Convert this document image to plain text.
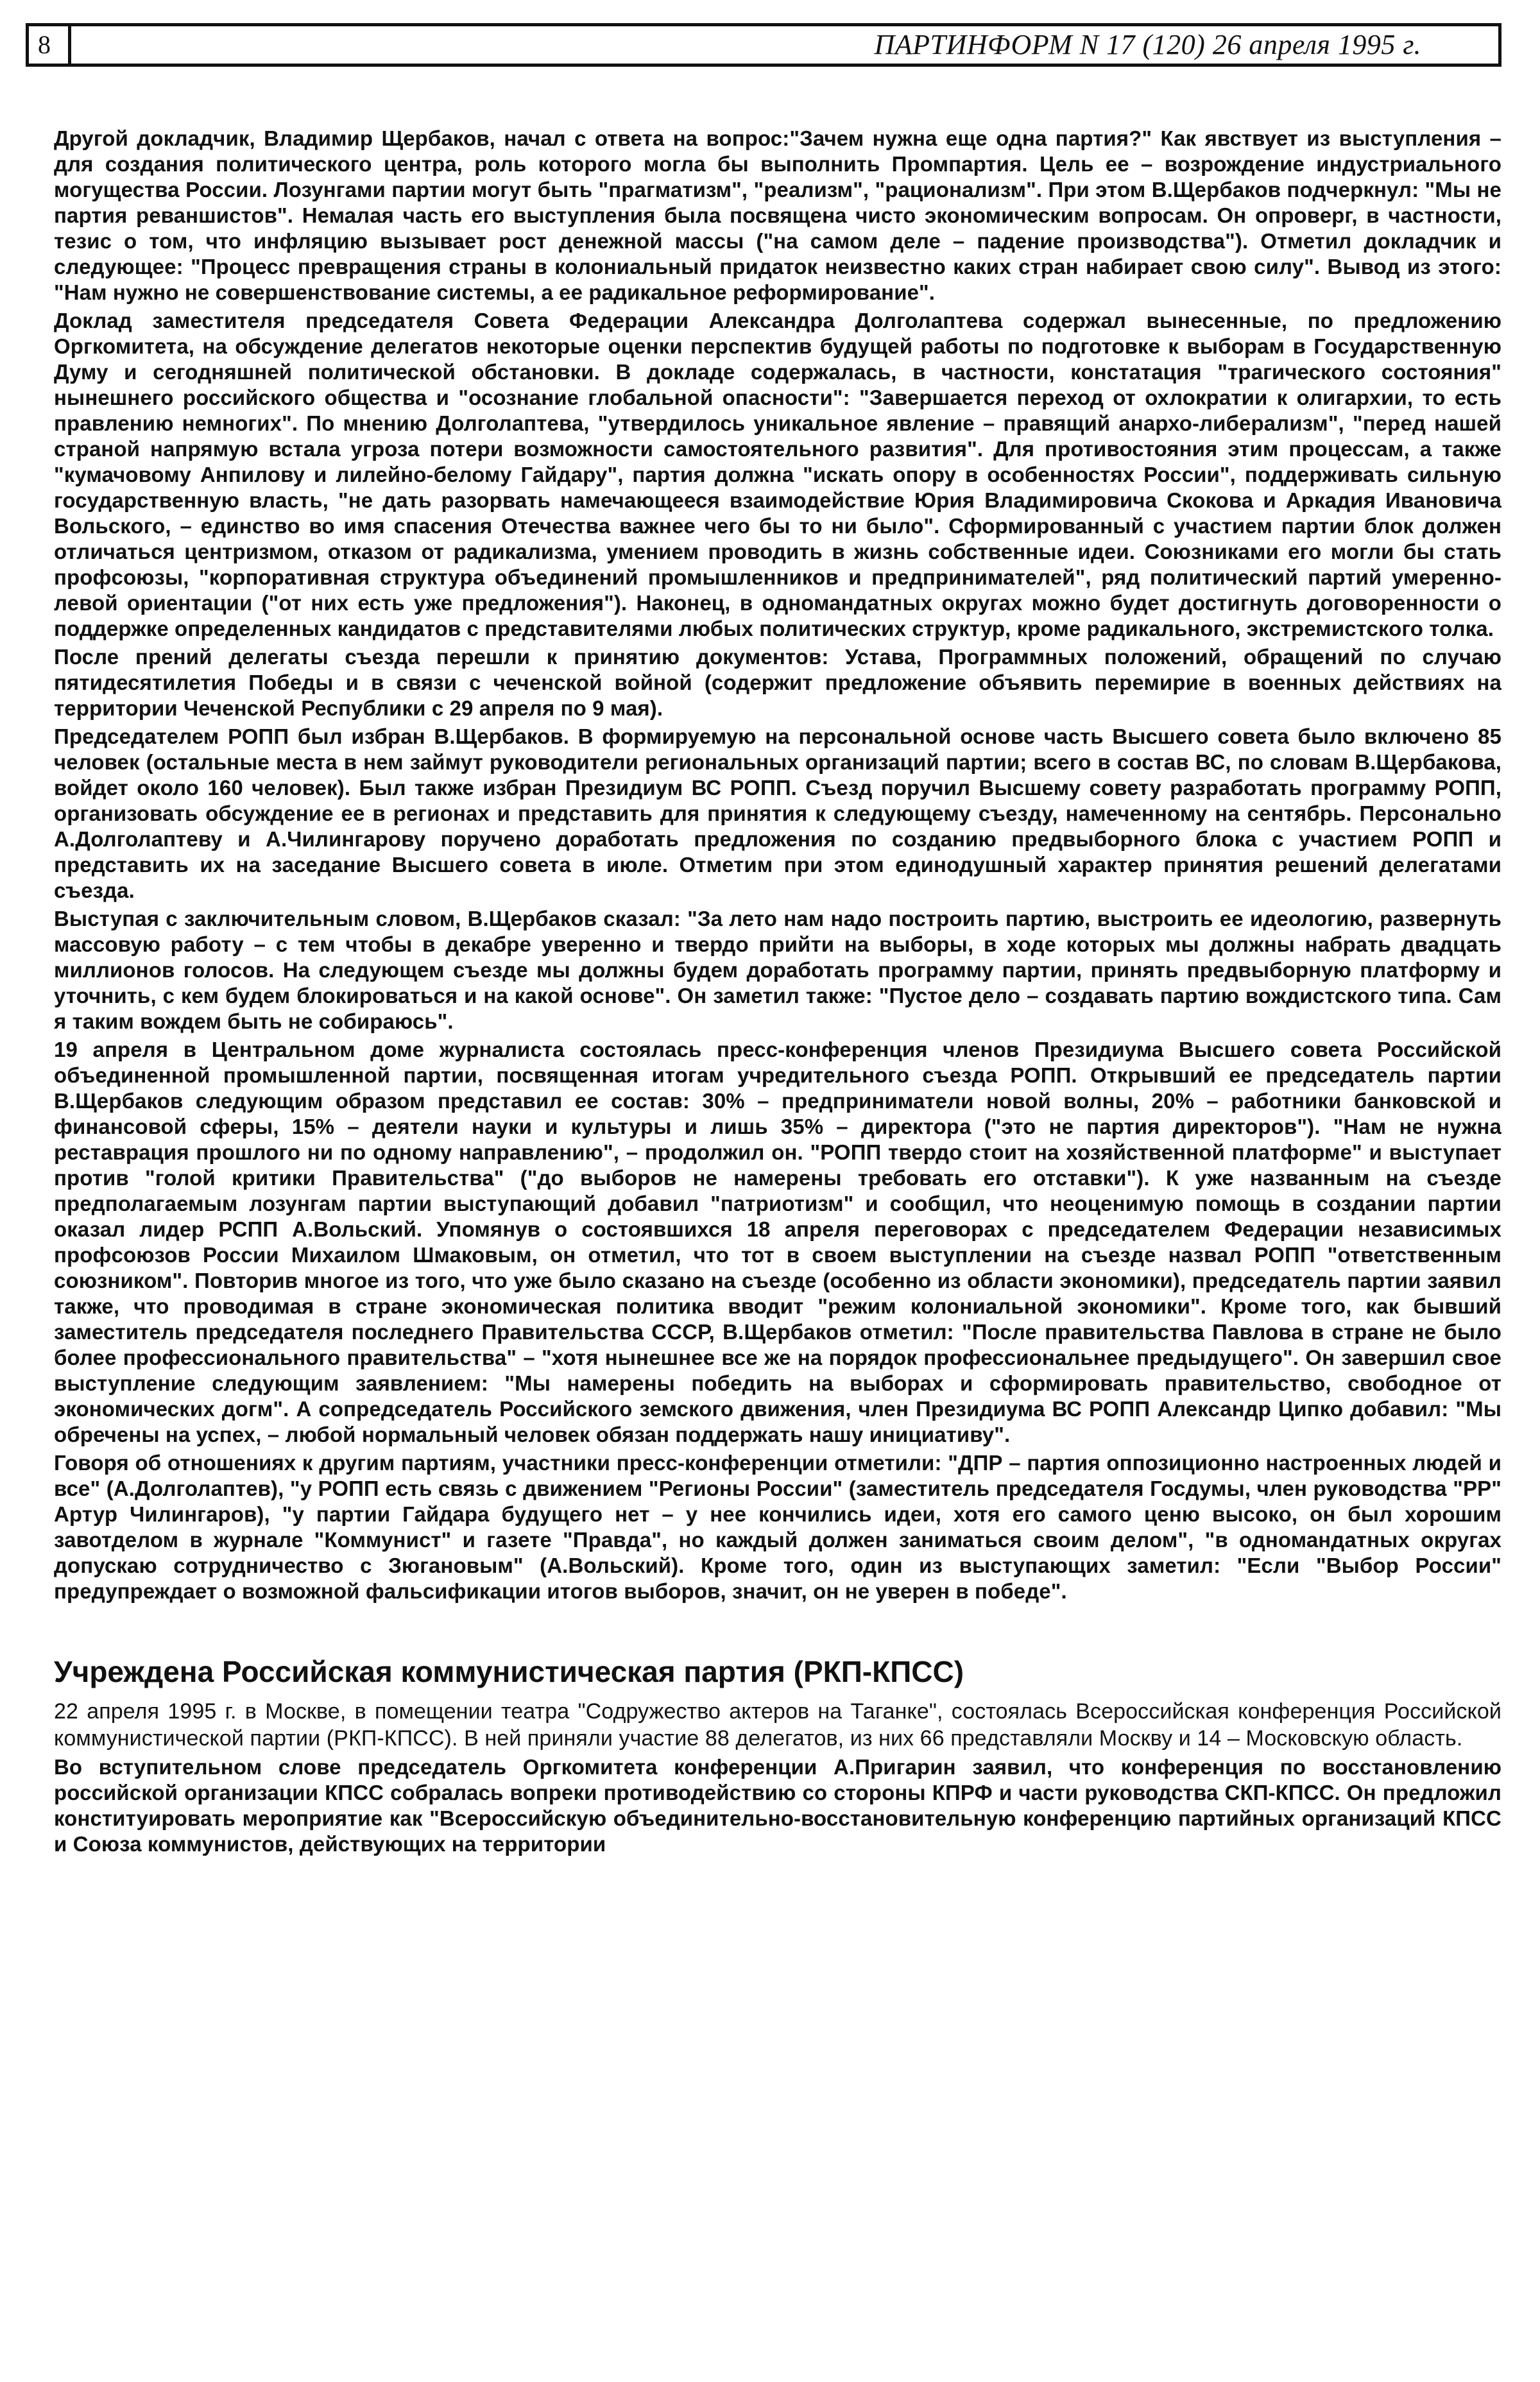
8	ПАРТИНФОРМ N 17 (120) 26 апреля 1995 г.

Другой докладчик, Владимир Щербаков, начал с ответа на вопрос:"Зачем нужна еще одна партия?" Как явствует из выступления – для создания политического центра, роль которого могла бы выполнить Промпартия. Цель ее – возрождение индустриального могущества России. Лозунгами партии могут быть "прагматизм", "реализм", "рационализм". При этом В.Щербаков подчеркнул: "Мы не партия реваншистов". Немалая часть его выступления была посвящена чисто экономическим вопросам. Он опроверг, в частности, тезис о том, что инфляцию вызывает рост денежной массы ("на самом деле – падение производства"). Отметил докладчик и следующее: "Процесс превращения страны в колониальный придаток неизвестно каких стран набирает свою силу". Вывод из этого: "Нам нужно не совершенствование системы, а ее радикальное реформирование".

Доклад заместителя председателя Совета Федерации Александра Долголаптева содержал вынесенные, по предложению Оргкомитета, на обсуждение делегатов некоторые оценки перспектив будущей работы по подготовке к выборам в Государственную Думу и сегодняшней политической обстановки. В докладе содержалась, в частности, констатация "трагического состояния" нынешнего российского общества и "осознание глобальной опасности": "Завершается переход от охлократии к олигархии, то есть правлению немногих". По мнению Долголаптева, "утвердилось уникальное явление – правящий анархо-либерализм", "перед нашей страной напрямую встала угроза потери возможности самостоятельного развития". Для противостояния этим процессам, а также "кумачовому Анпилову и лилейно-белому Гайдару", партия должна "искать опору в особенностях России", поддерживать сильную государственную власть, "не дать разорвать намечающееся взаимодействие Юрия Владимировича Скокова и Аркадия Ивановича Вольского, – единство во имя спасения Отечества важнее чего бы то ни было". Сформированный с участием партии блок должен отличаться центризмом, отказом от радикализма, умением проводить в жизнь собственные идеи. Союзниками его могли бы стать профсоюзы, "корпоративная структура объединений промышленников и предпринимателей", ряд политический партий умеренно-левой ориентации ("от них есть уже предложения"). Наконец, в одномандатных округах можно будет достигнуть договоренности о поддержке определенных кандидатов с представителями любых политических структур, кроме радикального, экстремистского толка.

После прений делегаты съезда перешли к принятию документов: Устава, Программных положений, обращений по случаю пятидесятилетия Победы и в связи с чеченской войной (содержит предложение объявить перемирие в военных действиях на территории Чеченской Республики с 29 апреля по 9 мая).

Председателем РОПП был избран В.Щербаков. В формируемую на персональной основе часть Высшего совета было включено 85 человек (остальные места в нем займут руководители региональных организаций партии; всего в состав ВС, по словам В.Щербакова, войдет около 160 человек). Был также избран Президиум ВС РОПП. Съезд поручил Высшему совету разработать программу РОПП, организовать обсуждение ее в регионах и представить для принятия к следующему съезду, намеченному на сентябрь. Персонально А.Долголаптеву и А.Чилингарову поручено доработать предложения по созданию предвыборного блока с участием РОПП и представить их на заседание Высшего совета в июле. Отметим при этом единодушный характер принятия решений делегатами съезда.

Выступая с заключительным словом, В.Щербаков сказал: "За лето нам надо построить партию, выстроить ее идеологию, развернуть массовую работу – с тем чтобы в декабре уверенно и твердо прийти на выборы, в ходе которых мы должны набрать двадцать миллионов голосов. На следующем съезде мы должны будем доработать программу партии, принять предвыборную платформу и уточнить, с кем будем блокироваться и на какой основе". Он заметил также: "Пустое дело – создавать партию вождистского типа. Сам я таким вождем быть не собираюсь".

19 апреля в Центральном доме журналиста состоялась пресс-конференция членов Президиума Высшего совета Российской объединенной промышленной партии, посвященная итогам учредительного съезда РОПП. Открывший ее председатель партии В.Щербаков следующим образом представил ее состав: 30% – предприниматели новой волны, 20% – работники банковской и финансовой сферы, 15% – деятели науки и культуры и лишь 35% – директора ("это не партия директоров"). "Нам не нужна реставрация прошлого ни по одному направлению", – продолжил он. "РОПП твердо стоит на хозяйственной платформе" и выступает против "голой критики Правительства" ("до выборов не намерены требовать его отставки"). К уже названным на съезде предполагаемым лозунгам партии выступающий добавил "патриотизм" и сообщил, что неоценимую помощь в создании партии оказал лидер РСПП А.Вольский. Упомянув о состоявшихся 18 апреля переговорах с председателем Федерации независимых профсоюзов России Михаилом Шмаковым, он отметил, что тот в своем выступлении на съезде назвал РОПП "ответственным союзником". Повторив многое из того, что уже было сказано на съезде (особенно из области экономики), председатель партии заявил также, что проводимая в стране экономическая политика вводит "режим колониальной экономики". Кроме того, как бывший заместитель председателя последнего Правительства СССР, В.Щербаков отметил: "После правительства Павлова в стране не было более профессионального правительства" – "хотя нынешнее все же на порядок профессиональнее предыдущего". Он завершил свое выступление следующим заявлением: "Мы намерены победить на выборах и сформировать правительство, свободное от экономических догм". А сопредседатель Российского земского движения, член Президиума ВС РОПП Александр Ципко добавил: "Мы обречены на успех, – любой нормальный человек обязан поддержать нашу инициативу".

Говоря об отношениях к другим партиям, участники пресс-конференции отметили: "ДПР – партия оппозиционно настроенных людей и все" (А.Долголаптев), "у РОПП есть связь с движением "Регионы России" (заместитель председателя Госдумы, член руководства "РР" Артур Чилингаров), "у партии Гайдара будущего нет – у нее кончились идеи, хотя его самого ценю высоко, он был хорошим завотделом в журнале "Коммунист" и газете "Правда", но каждый должен заниматься своим делом", "в одномандатных округах допускаю сотрудничество с Зюгановым" (А.Вольский). Кроме того, один из выступающих заметил: "Если "Выбор России" предупреждает о возможной фальсификации итогов выборов, значит, он не уверен в победе".

Учреждена Российская коммунистическая партия (РКП-КПСС)

22 апреля 1995 г. в Москве, в помещении театра "Содружество актеров на Таганке", состоялась Всероссийская конференция Российской коммунистической партии (РКП-КПСС). В ней приняли участие 88 делегатов, из них 66 представляли Москву и 14 – Московскую область.

Во вступительном слове председатель Оргкомитета конференции А.Пригарин заявил, что конференция по восстановлению российской организации КПСС собралась вопреки противодействию со стороны КПРФ и части руководства СКП-КПСС. Он предложил конституировать мероприятие как "Всероссийскую объединительно-восстановительную конференцию партийных организаций КПСС и Союза коммунистов, действующих на территории
